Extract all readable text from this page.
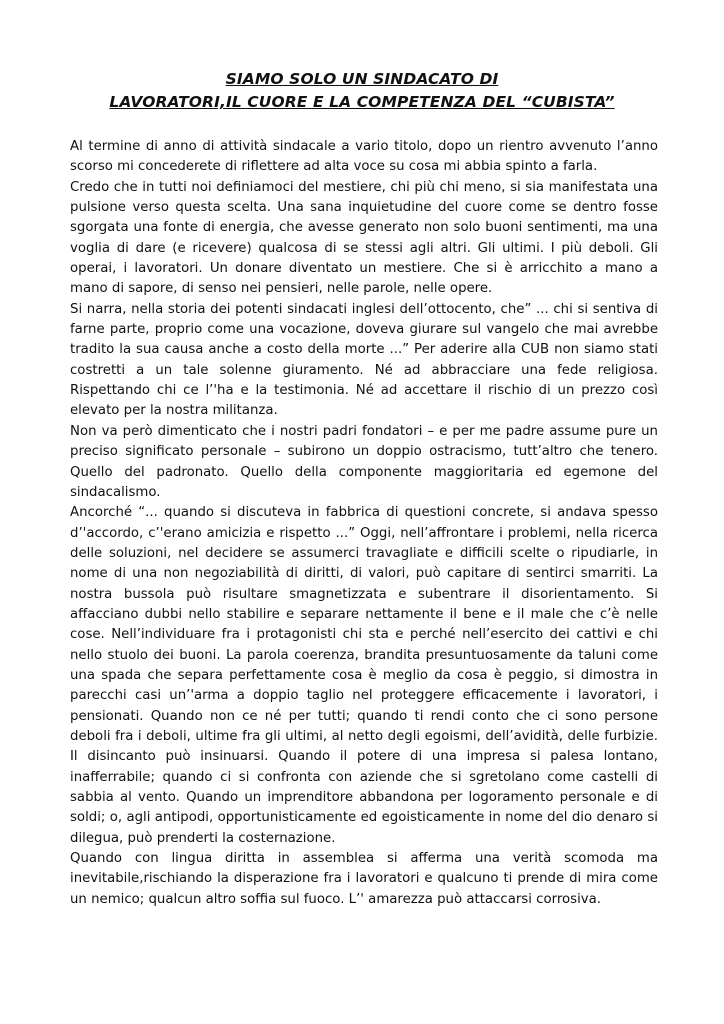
SIAMO SOLO UN SINDACATO DI
LAVORATORI,IL CUORE E LA COMPETENZA DEL “CUBISTA”

Al termine di anno di attività sindacale a vario titolo, dopo un rientro avvenuto l’anno scorso mi concederete di riflettere ad alta voce su cosa mi abbia spinto a farla.

Credo che in tutti noi definiamoci del mestiere, chi più chi meno, si sia manifestata una pulsione verso questa scelta. Una sana inquietudine del cuore come se dentro fosse sgorgata una fonte di energia, che avesse generato non solo buoni sentimenti, ma una voglia di dare (e ricevere) qualcosa di se stessi agli altri. Gli ultimi. I più deboli. Gli operai, i lavoratori. Un donare diventato un mestiere. Che si è arricchito a mano a mano di sapore, di senso nei pensieri, nelle parole, nelle opere.

Si narra, nella storia dei potenti sindacati inglesi dell’ottocento, che” ... chi si sentiva di farne parte, proprio come una vocazione, doveva giurare sul vangelo che mai avrebbe tradito la sua causa anche a costo della morte ...” Per aderire alla CUB non siamo stati costretti a un tale solenne giuramento. Né ad abbracciare una fede religiosa. Rispettando chi ce l’'ha e la testimonia. Né ad accettare il rischio di un prezzo così elevato per la nostra militanza.

Non va però dimenticato che i nostri padri fondatori – e per me padre assume pure un preciso significato personale – subirono un doppio ostracismo, tutt’altro che tenero. Quello del padronato. Quello della componente maggioritaria ed egemone del sindacalismo.

Ancorché “... quando si discuteva in fabbrica di questioni concrete, si andava spesso d’'accordo, c’'erano amicizia e rispetto ...” Oggi, nell’affrontare i problemi, nella ricerca delle soluzioni, nel decidere se assumerci travagliate e difficili scelte o ripudiarle, in nome di una non negoziabilità di diritti, di valori, può capitare di sentirci smarriti. La nostra bussola può risultare smagnetizzata e subentrare il disorientamento. Si affacciano dubbi nello stabilire e separare nettamente il bene e il male che c’è nelle cose. Nell’individuare fra i protagonisti chi sta e perché nell’esercito dei cattivi e chi nello stuolo dei buoni. La parola coerenza, brandita presuntuosamente da taluni come una spada che separa perfettamente cosa è meglio da cosa è peggio, si dimostra in parecchi casi un’'arma a doppio taglio nel proteggere efficacemente i lavoratori, i pensionati. Quando non ce né per tutti; quando ti rendi conto che ci sono persone deboli fra i deboli, ultime fra gli ultimi, al netto degli egoismi, dell’avidità, delle furbizie. Il disincanto può insinuarsi. Quando il potere di una impresa si palesa lontano, inafferrabile; quando ci si confronta con aziende che si sgretolano come castelli di sabbia al vento. Quando un imprenditore abbandona per logoramento personale e di soldi; o, agli antipodi, opportunisticamente ed egoisticamente in nome del dio denaro si dilegua, può prenderti la costernazione.

Quando con lingua diritta in assemblea si afferma una verità scomoda ma inevitabile,rischiando la disperazione fra i lavoratori e qualcuno ti prende di mira come un nemico; qualcun altro soffia sul fuoco. L’' amarezza può attaccarsi corrosiva.
